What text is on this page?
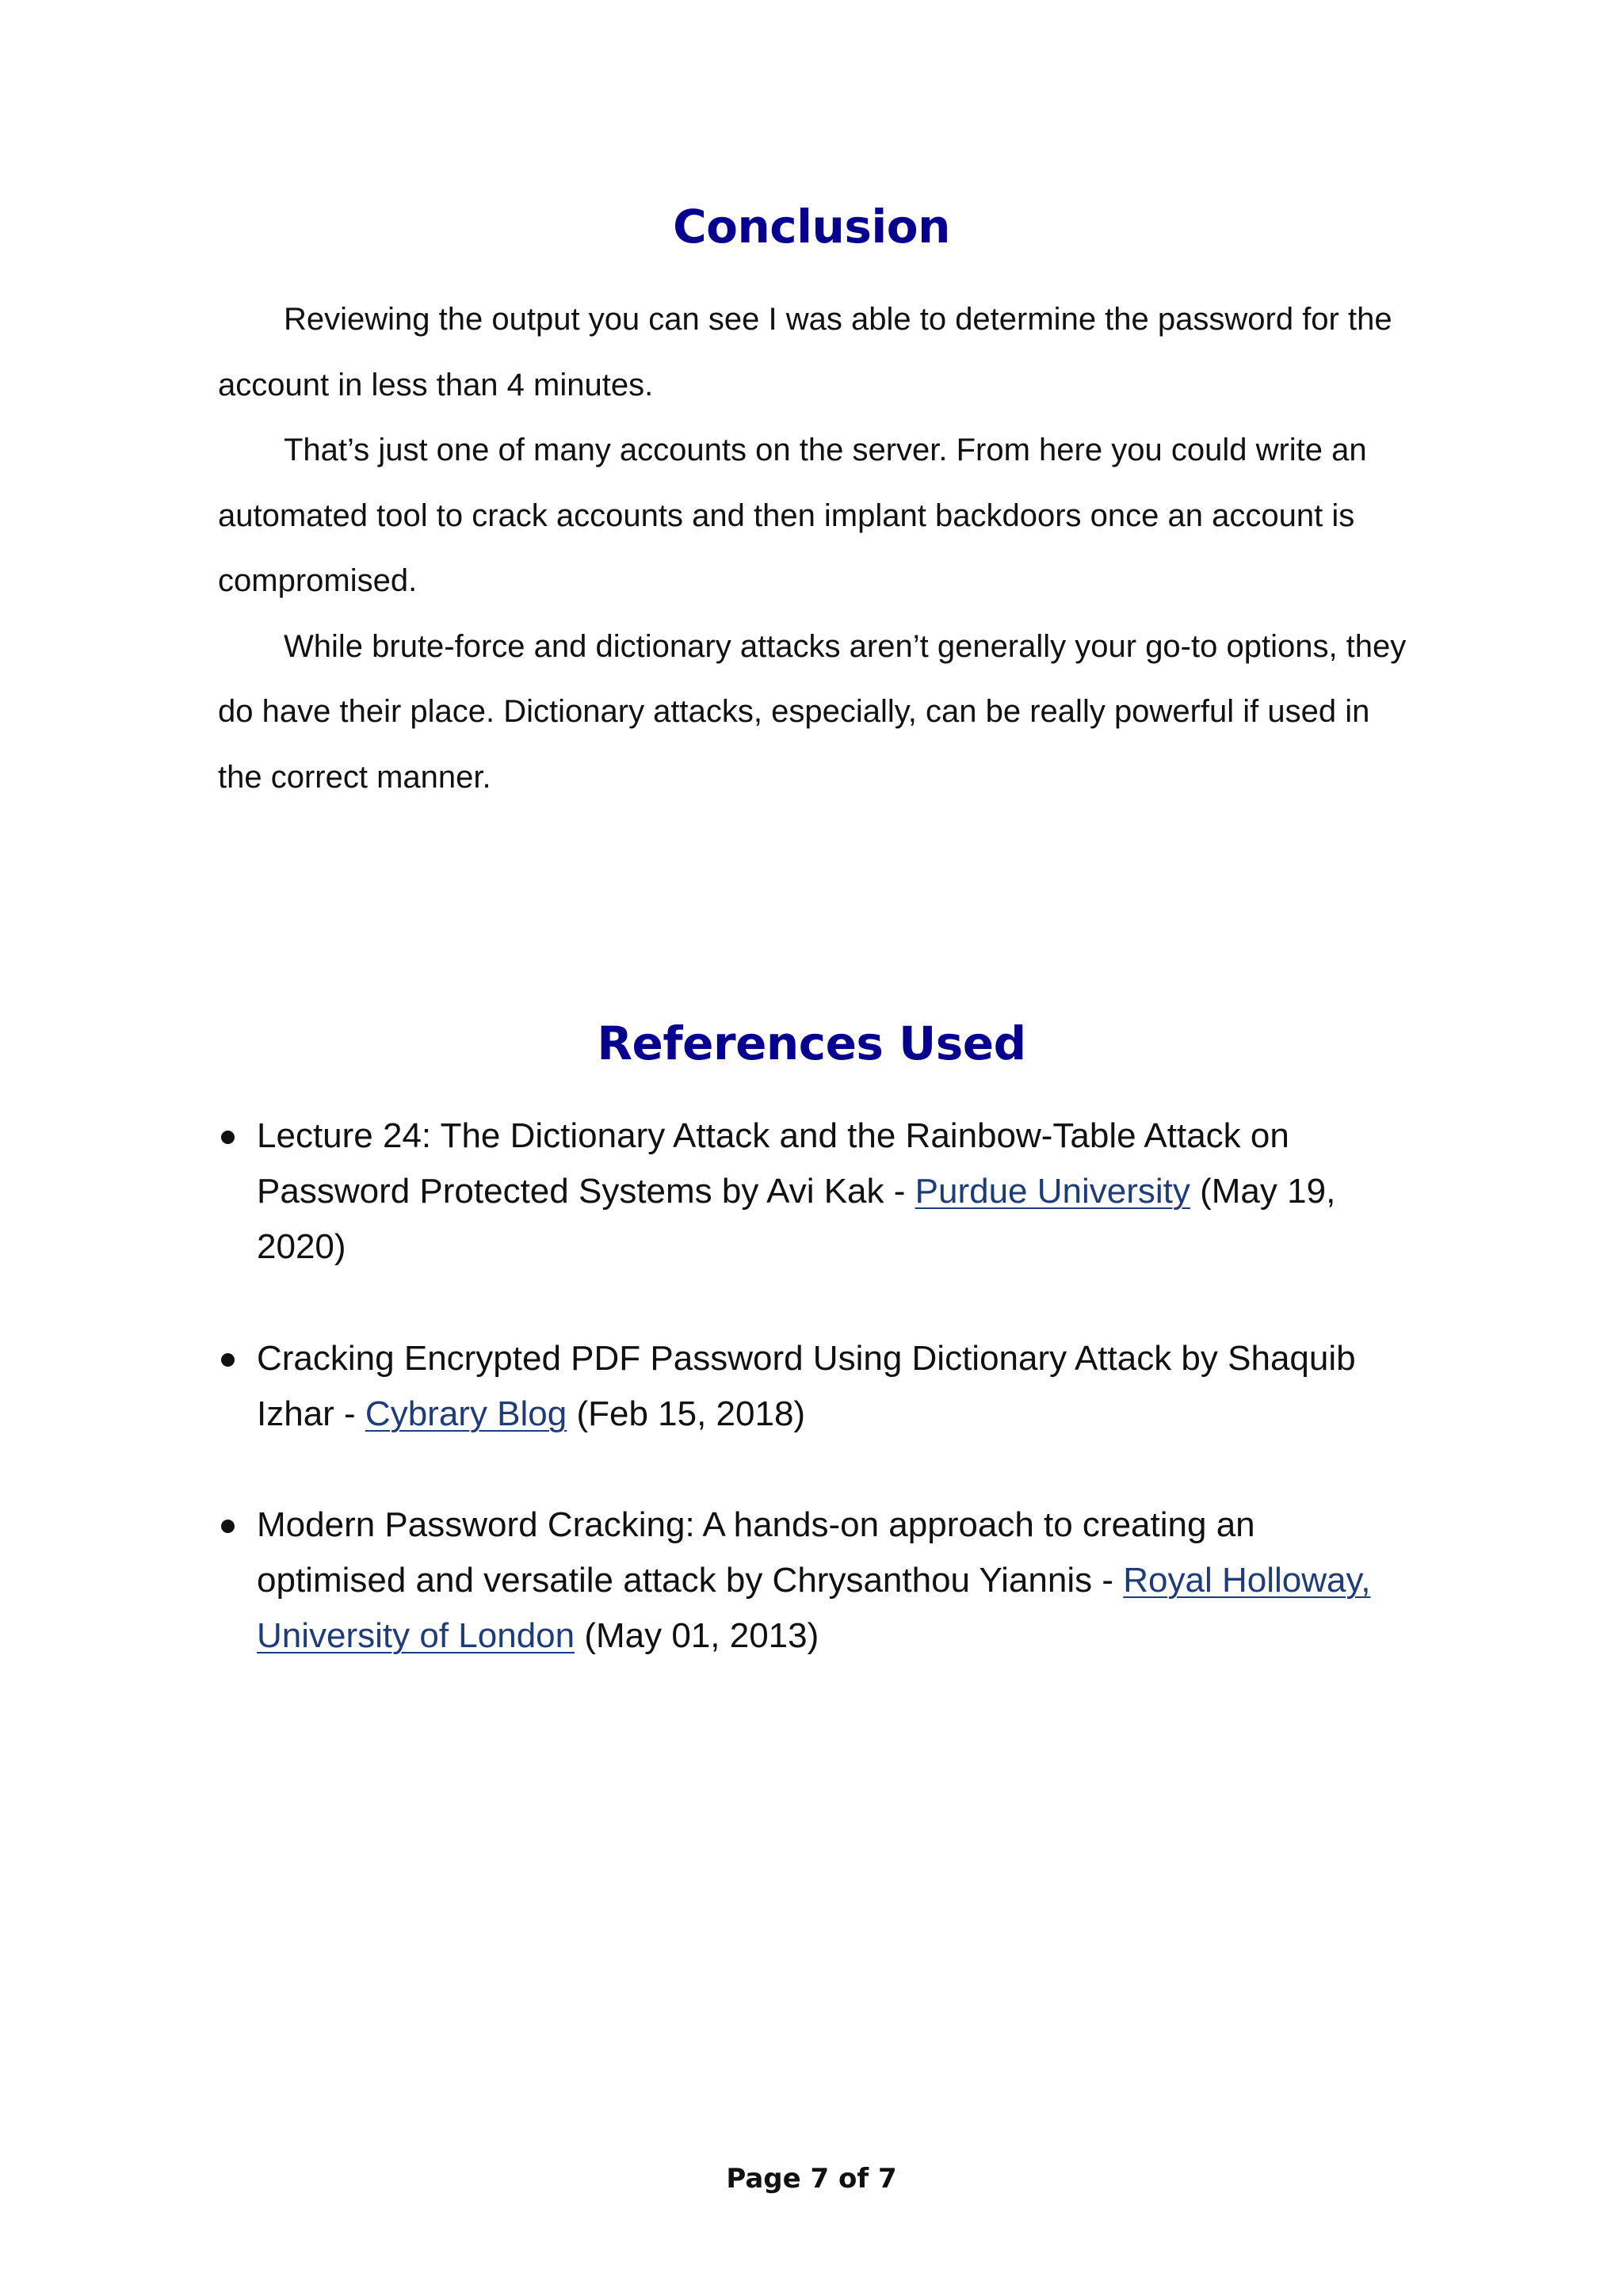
Conclusion

Reviewing the output you can see I was able to determine the password for the account in less than 4 minutes.

That’s just one of many accounts on the server. From here you could write an automated tool to crack accounts and then implant backdoors once an account is compromised.

While brute-force and dictionary attacks aren’t generally your go-to options, they do have their place. Dictionary attacks, especially, can be really powerful if used in the correct manner.

References Used
Lecture 24: The Dictionary Attack and the Rainbow-Table Attack on Password Protected Systems by Avi Kak - Purdue University (May 19, 2020)
Cracking Encrypted PDF Password Using Dictionary Attack by Shaquib Izhar - Cybrary Blog (Feb 15, 2018)
Modern Password Cracking: A hands-on approach to creating an optimised and versatile attack by Chrysanthou Yiannis - Royal Holloway, University of London (May 01, 2013)
Page 7 of 7
